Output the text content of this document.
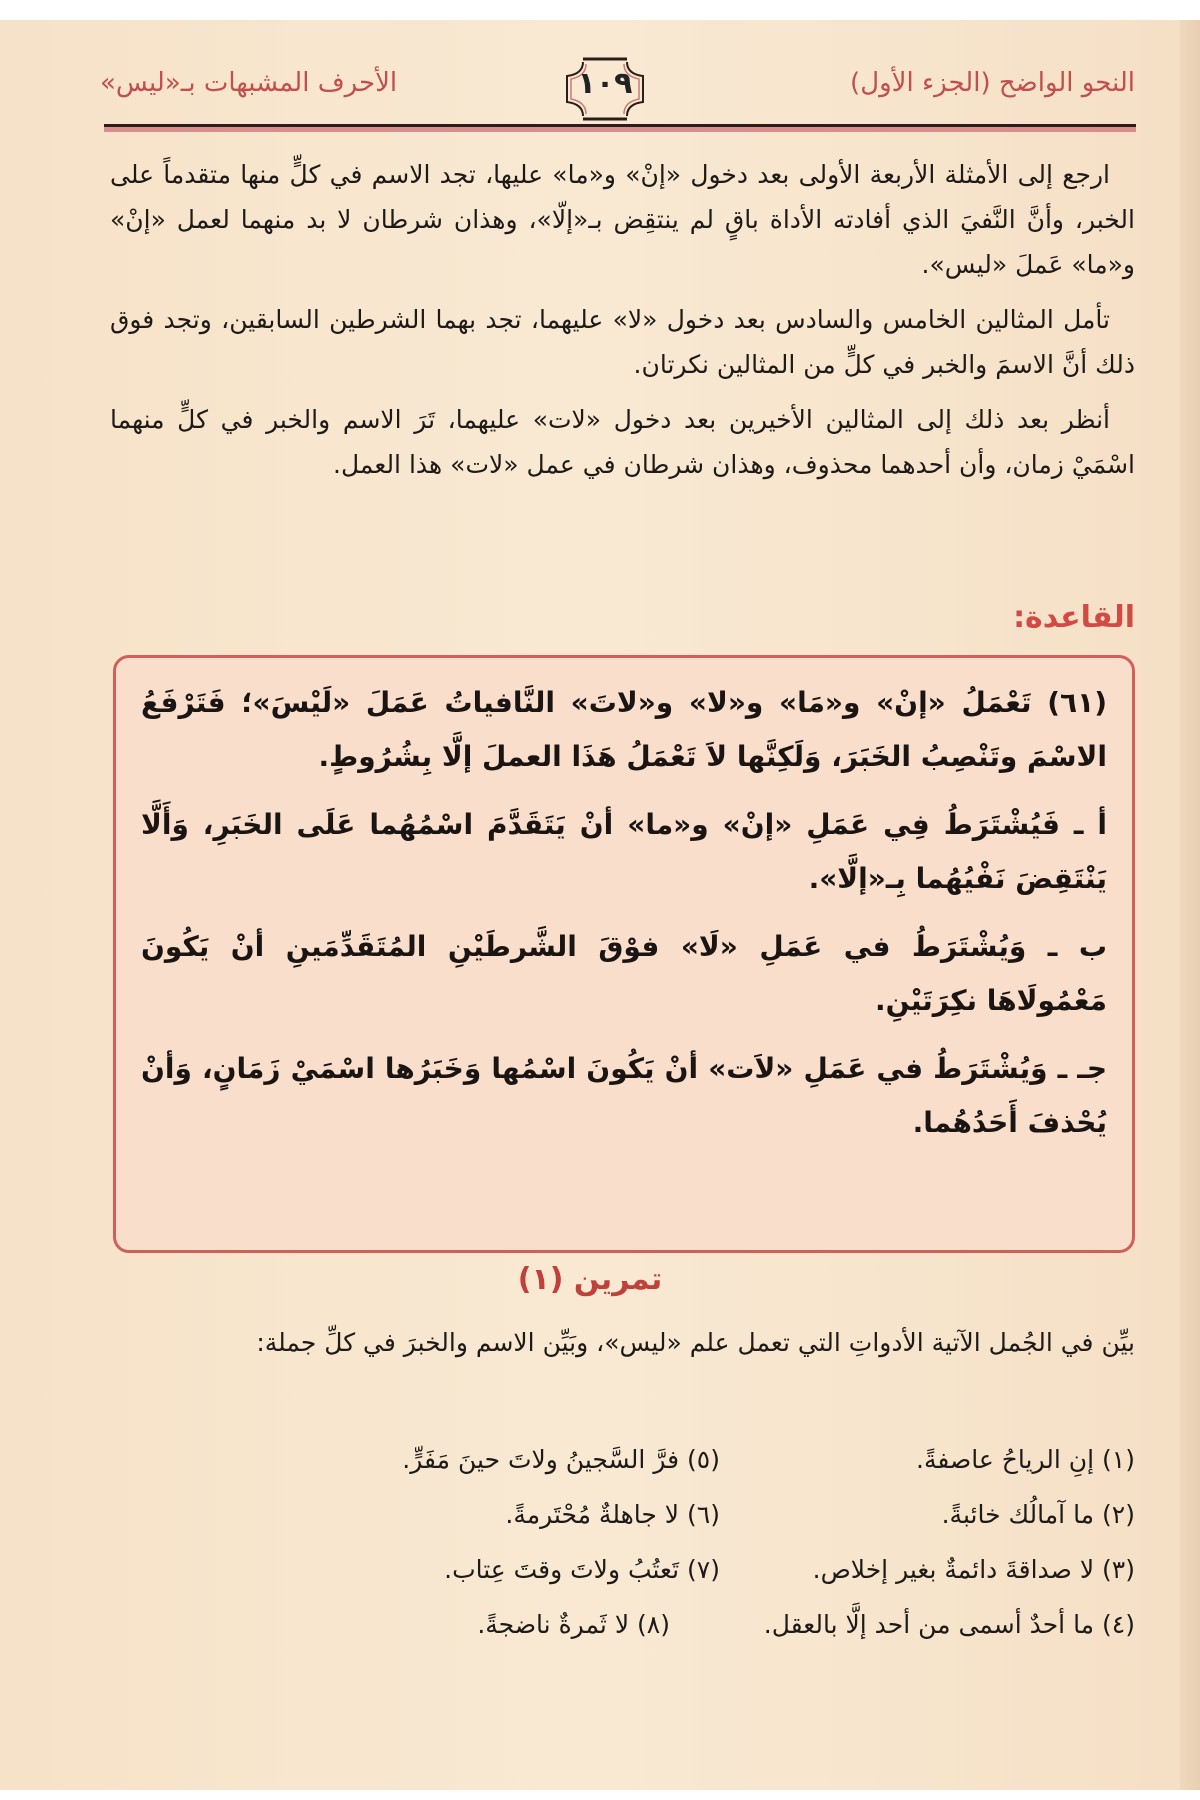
النحو الواضح (الجزء الأول)
١٠٩
الأحرف المشبهات بـ«ليس»

ارجع إلى الأمثلة الأربعة الأولى بعد دخول «إنْ» و«ما» عليها، تجد الاسم في كلٍّ منها متقدماً على الخبر، وأنَّ النَّفيَ الذي أفادته الأداة باقٍ لم ينتقِض بـ«إلّا»، وهذان شرطان لا بد منهما لعمل «إنْ» و«ما» عَملَ «ليس».

تأمل المثالين الخامس والسادس بعد دخول «لا» عليهما، تجد بهما الشرطين السابقين، وتجد فوق ذلك أنَّ الاسمَ والخبر في كلٍّ من المثالين نكرتان.

أنظر بعد ذلك إلى المثالين الأخيرين بعد دخول «لات» عليهما، تَرَ الاسم والخبر في كلٍّ منهما اسْمَيْ زمان، وأن أحدهما محذوف، وهذان شرطان في عمل «لات» هذا العمل.

القاعدة:

(٦١) تَعْمَلُ «إنْ» و«مَا» و«لا» و«لاتَ» النَّافياتُ عَمَلَ «لَيْسَ»؛ فَتَرْفَعُ الاسْمَ وتَنْصِبُ الخَبَرَ، وَلَكِنَّها لاَ تَعْمَلُ هَذَا العملَ إلَّا بِشُرُوطٍ.

أ ـ فَيُشْتَرَطُ فِي عَمَلِ «إنْ» و«ما» أنْ يَتَقَدَّمَ اسْمُهُما عَلَى الخَبَرِ، وَأَلَّا يَنْتَقِضَ نَفْيُهُما بِـ«إلَّا».

ب ـ وَيُشْتَرَطُ في عَمَلِ «لَا» فوْقَ الشَّرطَيْنِ المُتَقَدِّمَينِ أنْ يَكُونَ مَعْمُولَاهَا نكِرَتَيْنِ.

جـ ـ وَيُشْتَرَطُ في عَمَلِ «لاَت» أنْ يَكُونَ اسْمُها وَخَبَرُها اسْمَيْ زَمَانٍ، وَأنْ يُحْذفَ أَحَدُهُما.

تمرين (١)
بيِّن في الجُمل الآتية الأدواتِ التي تعمل علم «ليس»، وبَيِّن الاسم والخبرَ في كلِّ جملة:
(١) إنِ الرياحُ عاصفةً.
(٥) فرَّ السَّجينُ ولاتَ حينَ مَفَرٍّ.
(٢) ما آمالُك خائبةً.
(٦) لا جاهلةٌ مُحْتَرمةً.
(٣) لا صداقةَ دائمةٌ بغير إخلاص.
(٧) تَعتُبُ ولاتَ وقتَ عِتاب.
(٤) ما أحدٌ أسمى من أحد إلَّا بالعقل.
(٨) لا ثَمرةٌ ناضجةً.
